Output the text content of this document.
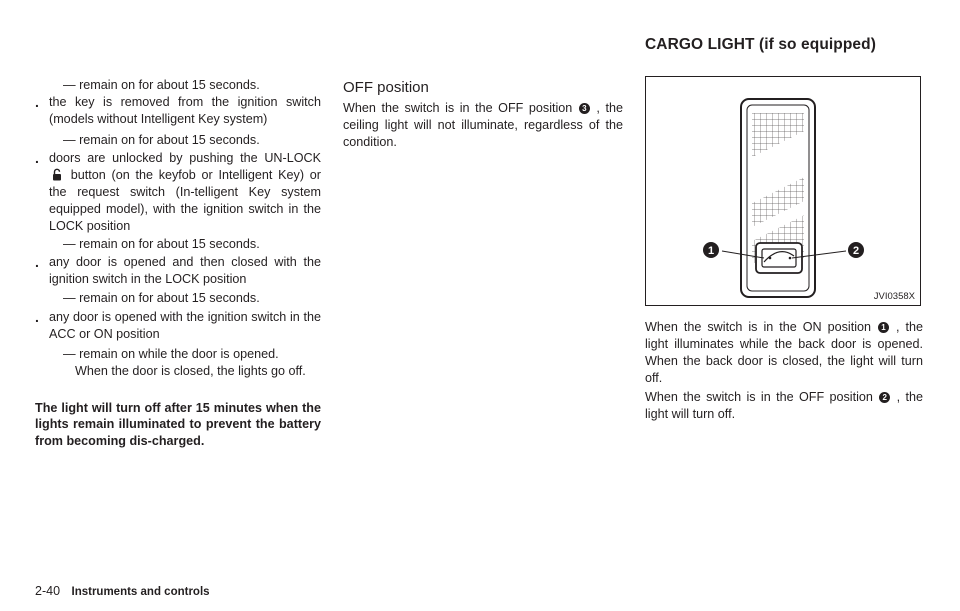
— remain on for about 15 seconds.
. the key is removed from the ignition switch (models without Intelligent Key system)
— remain on for about 15 seconds.
. doors are unlocked by pushing the UN-LOCK  button (on the keyfob or Intelligent Key) or the request switch (In-telligent Key system equipped model), with the ignition switch in the LOCK position
— remain on for about 15 seconds.
. any door is opened and then closed with the ignition switch in the LOCK position
— remain on for about 15 seconds.
. any door is opened with the ignition switch in the ACC or ON position
— remain on while the door is opened.
When the door is closed, the lights go off.
The light will turn off after 15 minutes when the lights remain illuminated to prevent the battery from becoming dis-charged.
OFF position
When the switch is in the OFF position 3 , the ceiling light will not illuminate, regardless of the condition.
CARGO LIGHT (if so equipped)
1	2
JVI0358X
When the switch is in the ON position 1 , the light illuminates while the back door is opened. When the back door is closed, the light will turn off.
When the switch is in the OFF position 2 , the light will turn off.
2-40 Instruments and controls
